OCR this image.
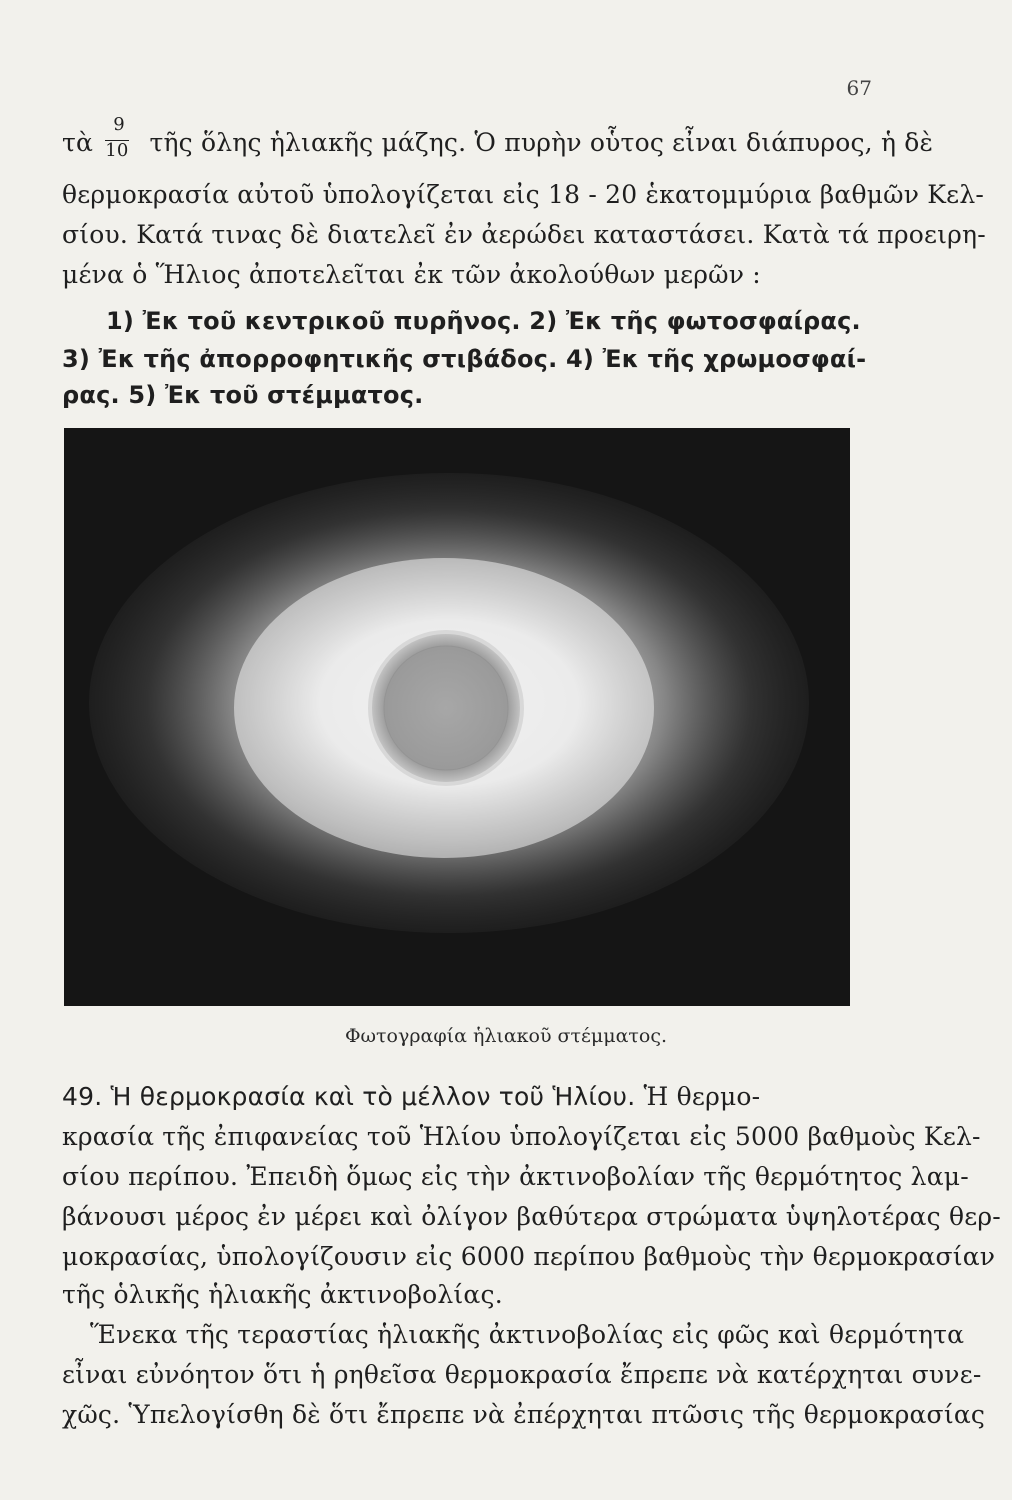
67
τὰ $\frac{9}{10}$ τῆς ὅλης ἡλιακῆς μάζης. Ὁ πυρὴν οὗτος εἶναι διάπυρος, ἡ δὲ
θερμοκρασία αὐτοῦ ὑπολογίζεται εἰς 18 - 20 ἑκατομμύρια βαθμῶν Κελ-
σίου. Κατά τινας δὲ διατελεῖ ἐν ἀερώδει καταστάσει. Κατὰ τά προειρη-
μένα ὁ Ἥλιος ἀποτελεῖται ἐκ τῶν ἀκολούθων μερῶν :
1) Ἐκ τοῦ κεντρικοῦ πυρῆνος. 2) Ἐκ τῆς φωτοσφαίρας.
3) Ἐκ τῆς ἀπορροφητικῆς στιβάδος. 4) Ἐκ τῆς χρωμοσφαί-
ρας. 5) Ἐκ τοῦ στέμματος.
Φωτογραφία ἡλιακοῦ στέμματος.
49. Ἡ θερμοκρασία καὶ τὸ μέλλον τοῦ Ἡλίου. Ἡ θερμο-
κρασία τῆς ἐπιφανείας τοῦ Ἡλίου ὑπολογίζεται εἰς 5000 βαθμοὺς Κελ-
σίου περίπου. Ἐπειδὴ ὅμως εἰς τὴν ἀκτινοβολίαν τῆς θερμότητος λαμ-
βάνουσι μέρος ἐν μέρει καὶ ὀλίγον βαθύτερα στρώματα ὑψηλοτέρας θερ-
μοκρασίας, ὑπολογίζουσιν εἰς 6000 περίπου βαθμοὺς τὴν θερμοκρασίαν
τῆς ὁλικῆς ἡλιακῆς ἀκτινοβολίας.
Ἕνεκα τῆς τεραστίας ἡλιακῆς ἀκτινοβολίας εἰς φῶς καὶ θερμότητα
εἶναι εὐνόητον ὅτι ἡ ρηθεῖσα θερμοκρασία ἔπρεπε νὰ κατέρχηται συνε-
χῶς. Ὑπελογίσθη δὲ ὅτι ἔπρεπε νὰ ἐπέρχηται πτῶσις τῆς θερμοκρασίας
